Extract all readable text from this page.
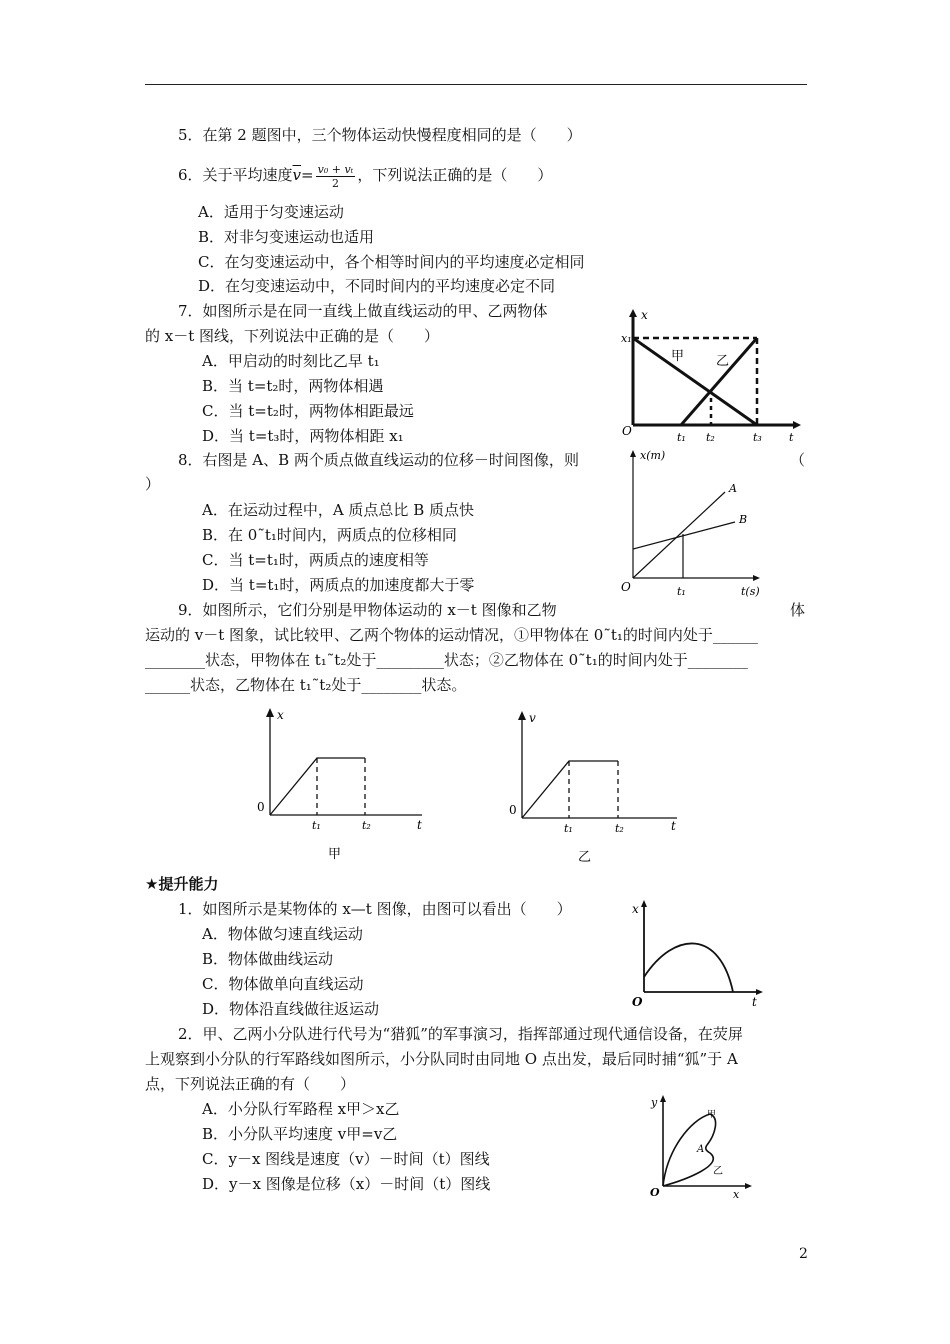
5．在第 2 题图中，三个物体运动快慢程度相同的是（　　）
6．关于平均速度$\overline{v}= \frac{\text{v₀ + vₜ}}{2}$ ，下列说法正确的是（　　）
A．适用于匀变速运动
B．对非匀变速运动也适用
C．在匀变速运动中，各个相等时间内的平均速度必定相同
D．在匀变速运动中，不同时间内的平均速度必定不同
7．如图所示是在同一直线上做直线运动的甲、乙两物体
的 x－t 图线，下列说法中正确的是（　　）
A．甲启动的时刻比乙早 t₁
B．当 t=t₂时，两物体相遇
C．当 t=t₂时，两物体相距最远
D．当 t=t₃时，两物体相距 x₁
x
x₁
甲 乙
O	t₁ t₂	t₃ t
8．右图是 A、B 两个质点做直线运动的位移－时间图像，则	（
）
A．在运动过程中，A 质点总比 B 质点快
B．在 0˜t₁时间内，两质点的位移相同
C．当 t=t₁时，两质点的速度相等
D．当 t=t₁时，两质点的加速度都大于零
x(m)
A
B
O	t₁	t(s)
9．如图所示，它们分别是甲物体运动的 x－t 图像和乙物	体
运动的 v－t 图象，试比较甲、乙两个物体的运动情况，①甲物体在 0˜t₁的时间内处于______
________状态，甲物体在 t₁˜t₂处于_________状态；②乙物体在 0˜t₁的时间内处于________
______状态，乙物体在 t₁˜t₂处于________状态。
x
0
t₁	t₂	t
甲
v
0
t₁	t₂	t
乙
★提升能力
1．如图所示是某物体的 x—t 图像，由图可以看出（　　）
A．物体做匀速直线运动
B．物体做曲线运动
C．物体做单向直线运动
D．物体沿直线做往返运动
x
O	t
2．甲、乙两小分队进行代号为“猎狐”的军事演习，指挥部通过现代通信设备，在荧屏
上观察到小分队的行军路线如图所示，小分队同时由同地 O 点出发，最后同时捕“狐”于 A
点，下列说法正确的有（　　）
A．小分队行军路程 x甲＞x乙
B．小分队平均速度 v甲=v乙
C．y－x 图线是速度（v）－时间（t）图线
D．y－x 图像是位移（x）－时间（t）图线
y
甲
A
乙
O	x
2
